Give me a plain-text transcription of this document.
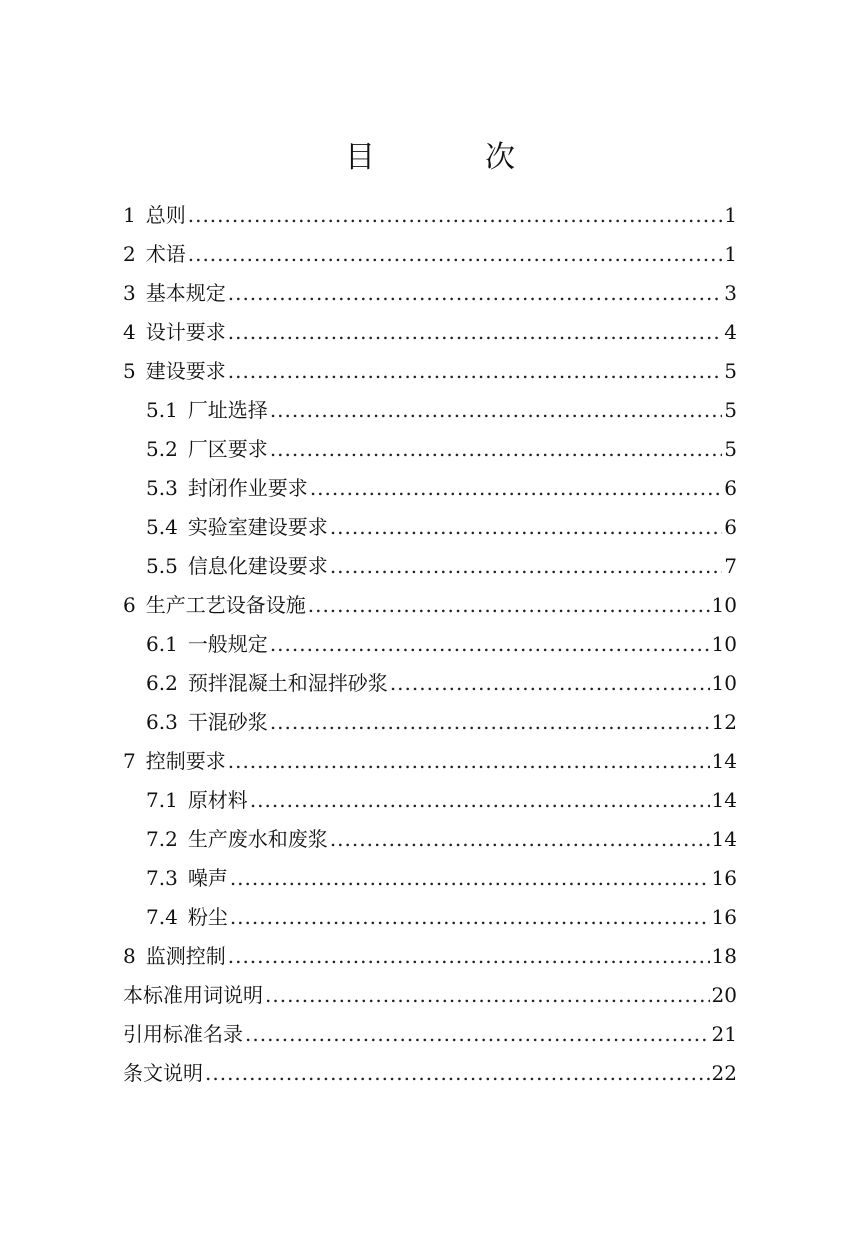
目　次
1 总则 .....	1
2 术语 .....	1
3 基本规定 .....	3
4 设计要求 .....	4
5 建设要求 .....	5
5.1 厂址选择 .....	5
5.2 厂区要求 .....	5
5.3 封闭作业要求 .....	6
5.4 实验室建设要求 .....	6
5.5 信息化建设要求 .....	7
6 生产工艺设备设施 .....	10
6.1 一般规定 .....	10
6.2 预拌混凝土和湿拌砂浆 .....	10
6.3 干混砂浆 .....	12
7 控制要求 .....	14
7.1 原材料 .....	14
7.2 生产废水和废浆 .....	14
7.3 噪声 .....	16
7.4 粉尘 .....	16
8 监测控制 .....	18
本标准用词说明 .....	20
引用标准名录 .....	21
条文说明 .....	22
